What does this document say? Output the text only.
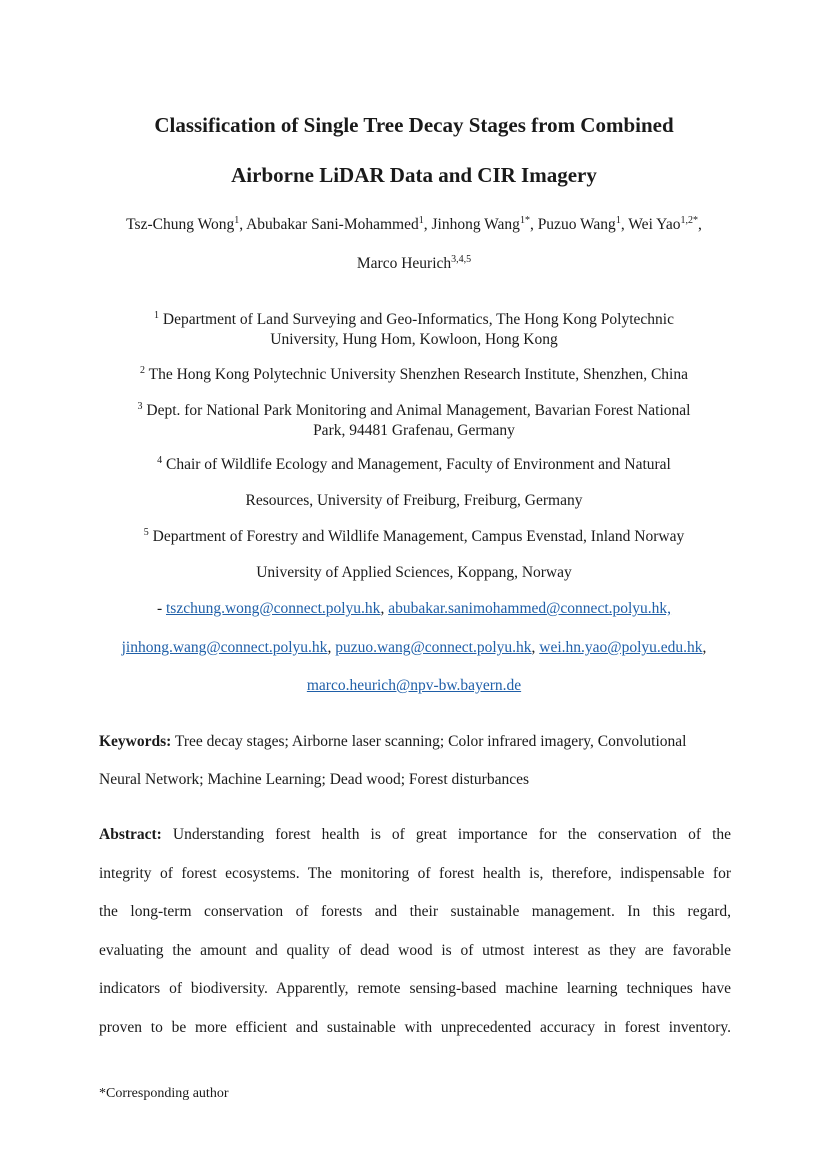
Classification of Single Tree Decay Stages from Combined
Airborne LiDAR Data and CIR Imagery
Tsz-Chung Wong$^1$, Abubakar Sani-Mohammed$^1$, Jinhong Wang$^{1*}$, Puzuo Wang$^1$, Wei Yao$^{1,2*}$,
Marco Heurich$^{3,4,5}$
$^1$ Department of Land Surveying and Geo-Informatics, The Hong Kong Polytechnic
University, Hung Hom, Kowloon, Hong Kong
$^2$ The Hong Kong Polytechnic University Shenzhen Research Institute, Shenzhen, China
$^3$ Dept. for National Park Monitoring and Animal Management, Bavarian Forest National
Park, 94481 Grafenau, Germany
$^4$ Chair of Wildlife Ecology and Management, Faculty of Environment and Natural
Resources, University of Freiburg, Freiburg, Germany
$^5$ Department of Forestry and Wildlife Management, Campus Evenstad, Inland Norway
University of Applied Sciences, Koppang, Norway
- tszchung.wong@connect.polyu.hk, abubakar.sanimohammed@connect.polyu.hk,
jinhong.wang@connect.polyu.hk, puzuo.wang@connect.polyu.hk, wei.hn.yao@polyu.edu.hk,
marco.heurich@npv-bw.bayern.de
Keywords: Tree decay stages; Airborne laser scanning; Color infrared imagery, Convolutional Neural Network; Machine Learning; Dead wood; Forest disturbances
Abstract: Understanding forest health is of great importance for the conservation of the
integrity of forest ecosystems. The monitoring of forest health is, therefore, indispensable for
the long-term conservation of forests and their sustainable management. In this regard,
evaluating the amount and quality of dead wood is of utmost interest as they are favorable
indicators of biodiversity. Apparently, remote sensing-based machine learning techniques have
proven to be more efficient and sustainable with unprecedented accuracy in forest inventory.
*Corresponding author
